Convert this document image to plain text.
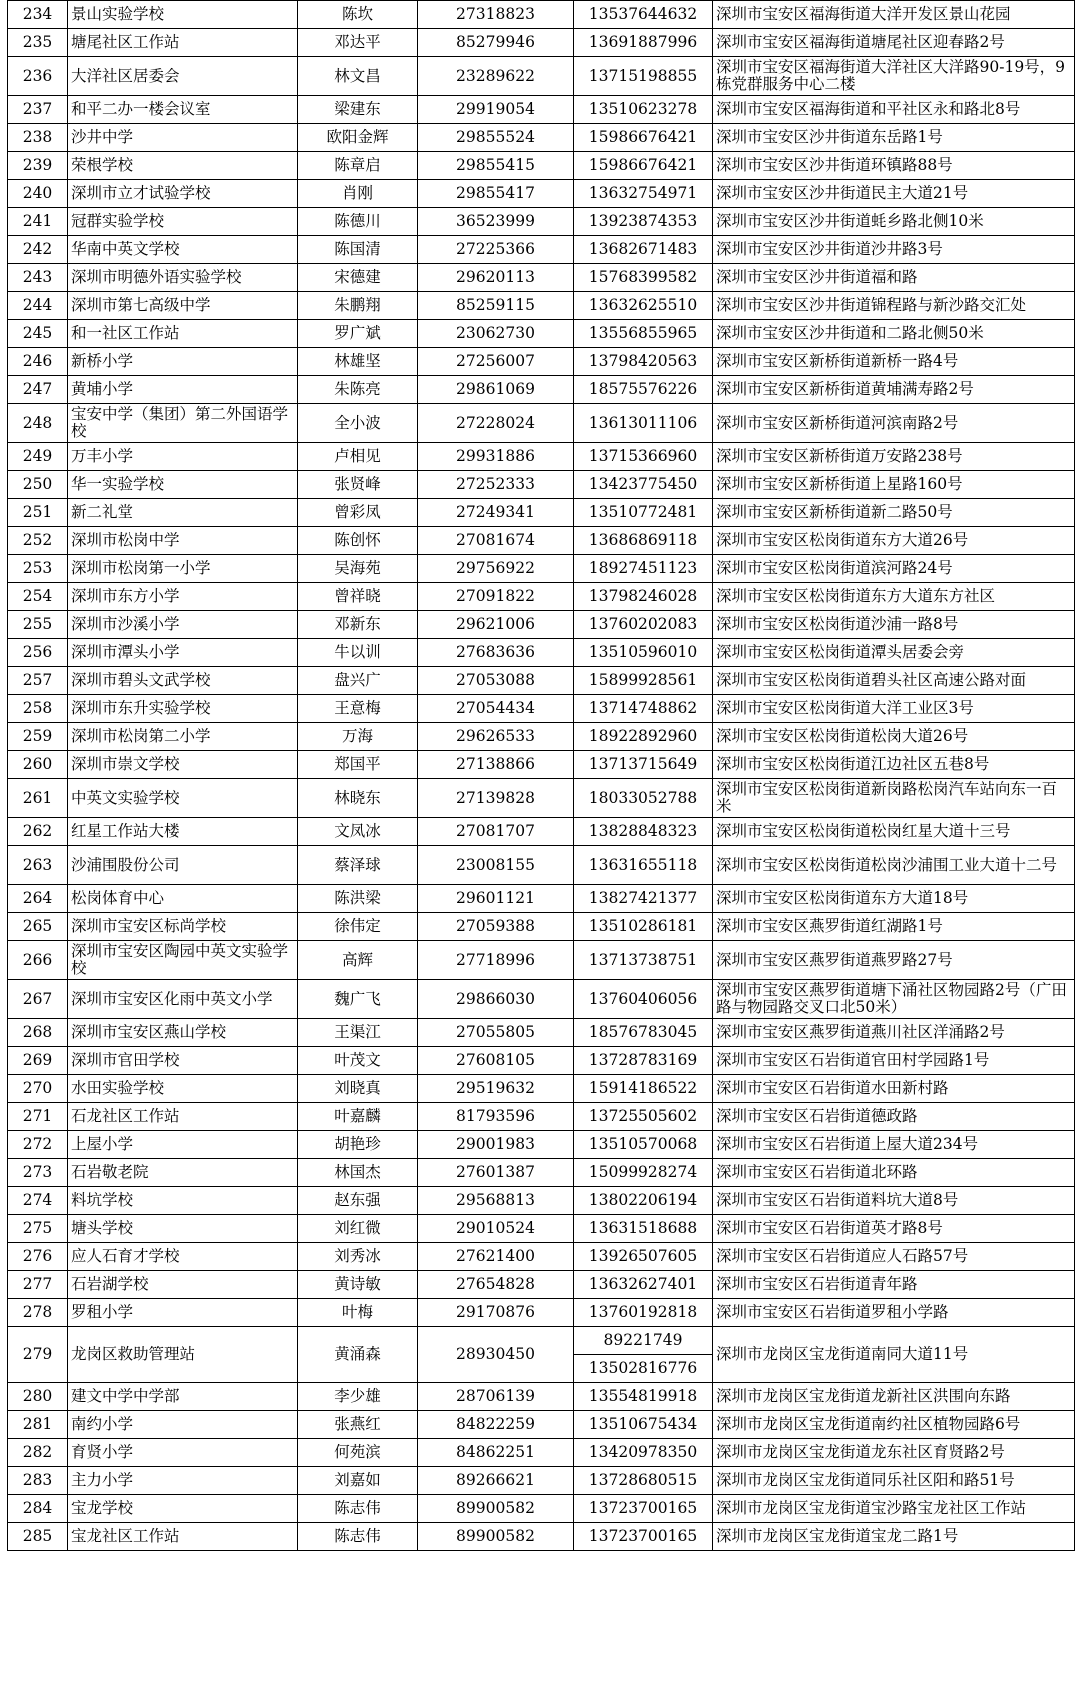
234	景山实验学校	陈坎	27318823	13537644632	深圳市宝安区福海街道大洋开发区景山花园
235	塘尾社区工作站	邓达平	85279946	13691887996	深圳市宝安区福海街道塘尾社区迎春路2号
236	大洋社区居委会	林文昌	23289622	13715198855	深圳市宝安区福海街道大洋社区大洋路90-19号，9栋党群服务中心二楼
237	和平二办一楼会议室	梁建东	29919054	13510623278	深圳市宝安区福海街道和平社区永和路北8号
238	沙井中学	欧阳金辉	29855524	15986676421	深圳市宝安区沙井街道东岳路1号
239	荣根学校	陈章启	29855415	15986676421	深圳市宝安区沙井街道环镇路88号
240	深圳市立才试验学校	肖刚	29855417	13632754971	深圳市宝安区沙井街道民主大道21号
241	冠群实验学校	陈德川	36523999	13923874353	深圳市宝安区沙井街道蚝乡路北侧10米
242	华南中英文学校	陈国清	27225366	13682671483	深圳市宝安区沙井街道沙井路3号
243	深圳市明德外语实验学校	宋德建	29620113	15768399582	深圳市宝安区沙井街道福和路
244	深圳市第七高级中学	朱鹏翔	85259115	13632625510	深圳市宝安区沙井街道锦程路与新沙路交汇处
245	和一社区工作站	罗广斌	23062730	13556855965	深圳市宝安区沙井街道和二路北侧50米
246	新桥小学	林雄坚	27256007	13798420563	深圳市宝安区新桥街道新桥一路4号
247	黄埔小学	朱陈亮	29861069	18575576226	深圳市宝安区新桥街道黄埔满寿路2号
248	宝安中学（集团）第二外国语学校	全小波	27228024	13613011106	深圳市宝安区新桥街道河滨南路2号
249	万丰小学	卢相见	29931886	13715366960	深圳市宝安区新桥街道万安路238号
250	华一实验学校	张贤峰	27252333	13423775450	深圳市宝安区新桥街道上星路160号
251	新二礼堂	曾彩凤	27249341	13510772481	深圳市宝安区新桥街道新二路50号
252	深圳市松岗中学	陈创怀	27081674	13686869118	深圳市宝安区松岗街道东方大道26号
253	深圳市松岗第一小学	吴海苑	29756922	18927451123	深圳市宝安区松岗街道滨河路24号
254	深圳市东方小学	曾祥晓	27091822	13798246028	深圳市宝安区松岗街道东方大道东方社区
255	深圳市沙溪小学	邓新东	29621006	13760202083	深圳市宝安区松岗街道沙浦一路8号
256	深圳市潭头小学	牛以训	27683636	13510596010	深圳市宝安区松岗街道潭头居委会旁
257	深圳市碧头文武学校	盘兴广	27053088	15899928561	深圳市宝安区松岗街道碧头社区高速公路对面
258	深圳市东升实验学校	王意梅	27054434	13714748862	深圳市宝安区松岗街道大洋工业区3号
259	深圳市松岗第二小学	万海	29626533	18922892960	深圳市宝安区松岗街道松岗大道26号
260	深圳市崇文学校	郑国平	27138866	13713715649	深圳市宝安区松岗街道江边社区五巷8号
261	中英文实验学校	林晓东	27139828	18033052788	深圳市宝安区松岗街道新岗路松岗汽车站向东一百米
262	红星工作站大楼	文凤冰	27081707	13828848323	深圳市宝安区松岗街道松岗红星大道十三号
263	沙浦围股份公司	蔡泽球	23008155	13631655118	深圳市宝安区松岗街道松岗沙浦围工业大道十二号
264	松岗体育中心	陈洪梁	29601121	13827421377	深圳市宝安区松岗街道东方大道18号
265	深圳市宝安区标尚学校	徐伟定	27059388	13510286181	深圳市宝安区燕罗街道红湖路1号
266	深圳市宝安区陶园中英文实验学校	高辉	27718996	13713738751	深圳市宝安区燕罗街道燕罗路27号
267	深圳市宝安区化雨中英文小学	魏广飞	29866030	13760406056	深圳市宝安区燕罗街道塘下涌社区物园路2号（广田路与物园路交叉口北50米）
268	深圳市宝安区燕山学校	王渠江	27055805	18576783045	深圳市宝安区燕罗街道燕川社区洋涌路2号
269	深圳市官田学校	叶茂文	27608105	13728783169	深圳市宝安区石岩街道官田村学园路1号
270	水田实验学校	刘晓真	29519632	15914186522	深圳市宝安区石岩街道水田新村路
271	石龙社区工作站	叶嘉麟	81793596	13725505602	深圳市宝安区石岩街道德政路
272	上屋小学	胡艳珍	29001983	13510570068	深圳市宝安区石岩街道上屋大道234号
273	石岩敬老院	林国杰	27601387	15099928274	深圳市宝安区石岩街道北环路
274	料坑学校	赵东强	29568813	13802206194	深圳市宝安区石岩街道料坑大道8号
275	塘头学校	刘红微	29010524	13631518688	深圳市宝安区石岩街道英才路8号
276	应人石育才学校	刘秀冰	27621400	13926507605	深圳市宝安区石岩街道应人石路57号
277	石岩湖学校	黄诗敏	27654828	13632627401	深圳市宝安区石岩街道青年路
278	罗租小学	叶梅	29170876	13760192818	深圳市宝安区石岩街道罗租小学路
279	龙岗区救助管理站	黄涌森	28930450	89221749	深圳市龙岗区宝龙街道南同大道11号
				13502816776	
280	建文中学中学部	李少雄	28706139	13554819918	深圳市龙岗区宝龙街道龙新社区洪围向东路
281	南约小学	张燕红	84822259	13510675434	深圳市龙岗区宝龙街道南约社区植物园路6号
282	育贤小学	何苑滨	84862251	13420978350	深圳市龙岗区宝龙街道龙东社区育贤路2号
283	主力小学	刘嘉如	89266621	13728680515	深圳市龙岗区宝龙街道同乐社区阳和路51号
284	宝龙学校	陈志伟	89900582	13723700165	深圳市龙岗区宝龙街道宝沙路宝龙社区工作站
285	宝龙社区工作站	陈志伟	89900582	13723700165	深圳市龙岗区宝龙街道宝龙二路1号
